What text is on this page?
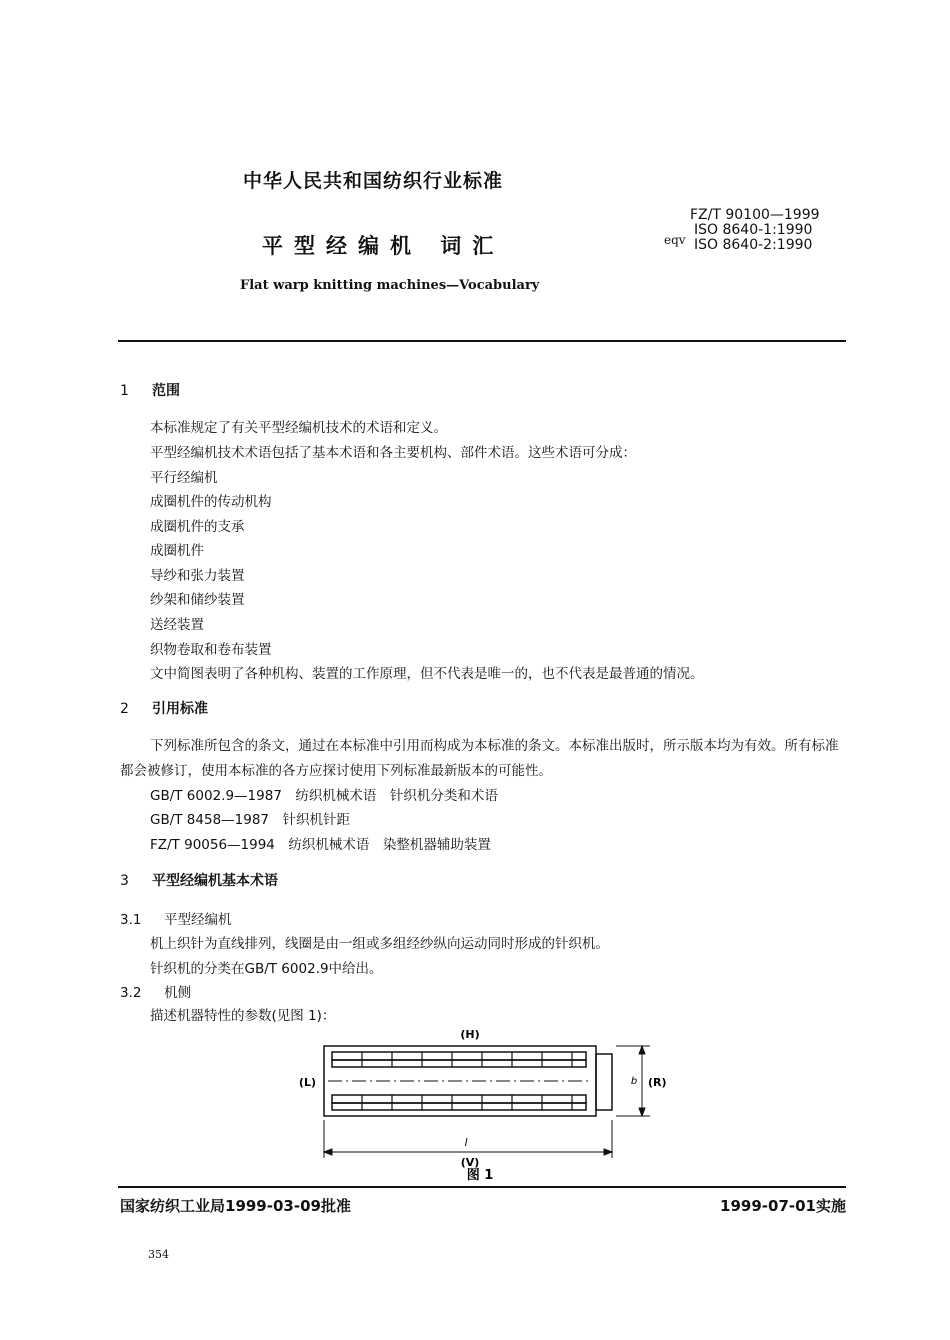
中华人民共和国纺织行业标准
平型经编机 词汇
Flat warp knitting machines—Vocabulary
FZ/T 90100—1999
ISO 8640-1:1990
ISO 8640-2:1990
eqv
1 范围
本标准规定了有关平型经编机技术的术语和定义。
平型经编机技术术语包括了基本术语和各主要机构、部件术语。这些术语可分成：
平行经编机
成圈机件的传动机构
成圈机件的支承
成圈机件
导纱和张力装置
纱架和储纱装置
送经装置
织物卷取和卷布装置
文中简图表明了各种机构、装置的工作原理，但不代表是唯一的，也不代表是最普通的情况。
2 引用标准
下列标准所包含的条文，通过在本标准中引用而构成为本标准的条文。本标准出版时，所示版本均为有效。所有标准都会被修订，使用本标准的各方应探讨使用下列标准最新版本的可能性。
GB/T 6002.9—1987　纺织机械术语　针织机分类和术语
GB/T 8458—1987　针织机针距
FZ/T 90056—1994　纺织机械术语　染整机器辅助装置
3 平型经编机基本术语
3.1 平型经编机
机上织针为直线排列，线圈是由一组或多组经纱纵向运动同时形成的针织机。
针织机的分类在GB/T 6002.9中给出。
3.2 机侧
描述机器特性的参数(见图 1)：
(H)
(L)	(R)
b
l
(V)
图 1
国家纺织工业局1999-03-09批准	1999-07-01实施
354
